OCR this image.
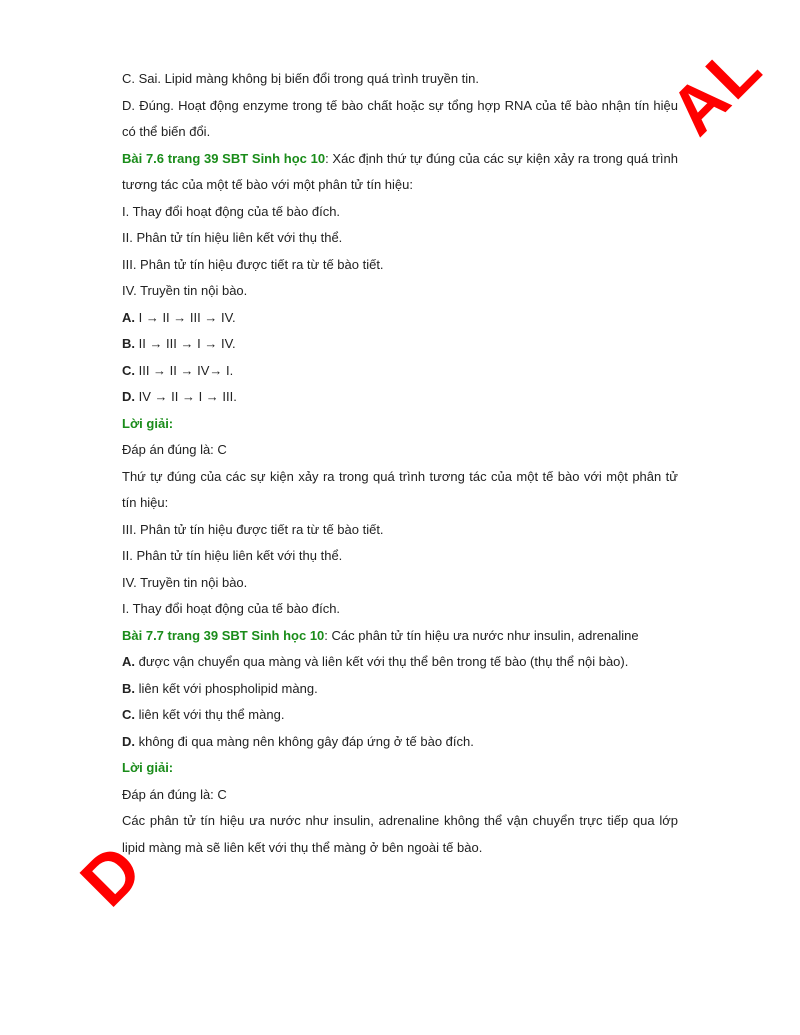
C. Sai. Lipid màng không bị biến đổi trong quá trình truyền tin.

D. Đúng. Hoạt động enzyme trong tế bào chất hoặc sự tổng hợp RNA của tế bào nhận tín hiệu có thể biến đổi.

Bài 7.6 trang 39 SBT Sinh học 10: Xác định thứ tự đúng của các sự kiện xảy ra trong quá trình tương tác của một tế bào với một phân tử tín hiệu:

I. Thay đổi hoạt động của tế bào đích.

II. Phân tử tín hiệu liên kết với thụ thể.

III. Phân tử tín hiệu được tiết ra từ tế bào tiết.

IV. Truyền tin nội bào.

A. I → II → III → IV.

B. II → III → I → IV.

C. III → II → IV→ I.

D. IV → II → I → III.

Lời giải:

Đáp án đúng là: C

Thứ tự đúng của các sự kiện xảy ra trong quá trình tương tác của một tế bào với một phân tử tín hiệu:

III. Phân tử tín hiệu được tiết ra từ tế bào tiết.

II. Phân tử tín hiệu liên kết với thụ thể.

IV. Truyền tin nội bào.

I. Thay đổi hoạt động của tế bào đích.

Bài 7.7 trang 39 SBT Sinh học 10: Các phân tử tín hiệu ưa nước như insulin, adrenaline

A. được vận chuyển qua màng và liên kết với thụ thể bên trong tế bào (thụ thể nội bào).

B. liên kết với phospholipid màng.

C. liên kết với thụ thể màng.

D. không đi qua màng nên không gây đáp ứng ở tế bào đích.

Lời giải:

Đáp án đúng là: C

Các phân tử tín hiệu ưa nước như insulin, adrenaline không thể vận chuyển trực tiếp qua lớp lipid màng mà sẽ liên kết với thụ thể màng ở bên ngoài tế bào.

AL
D
